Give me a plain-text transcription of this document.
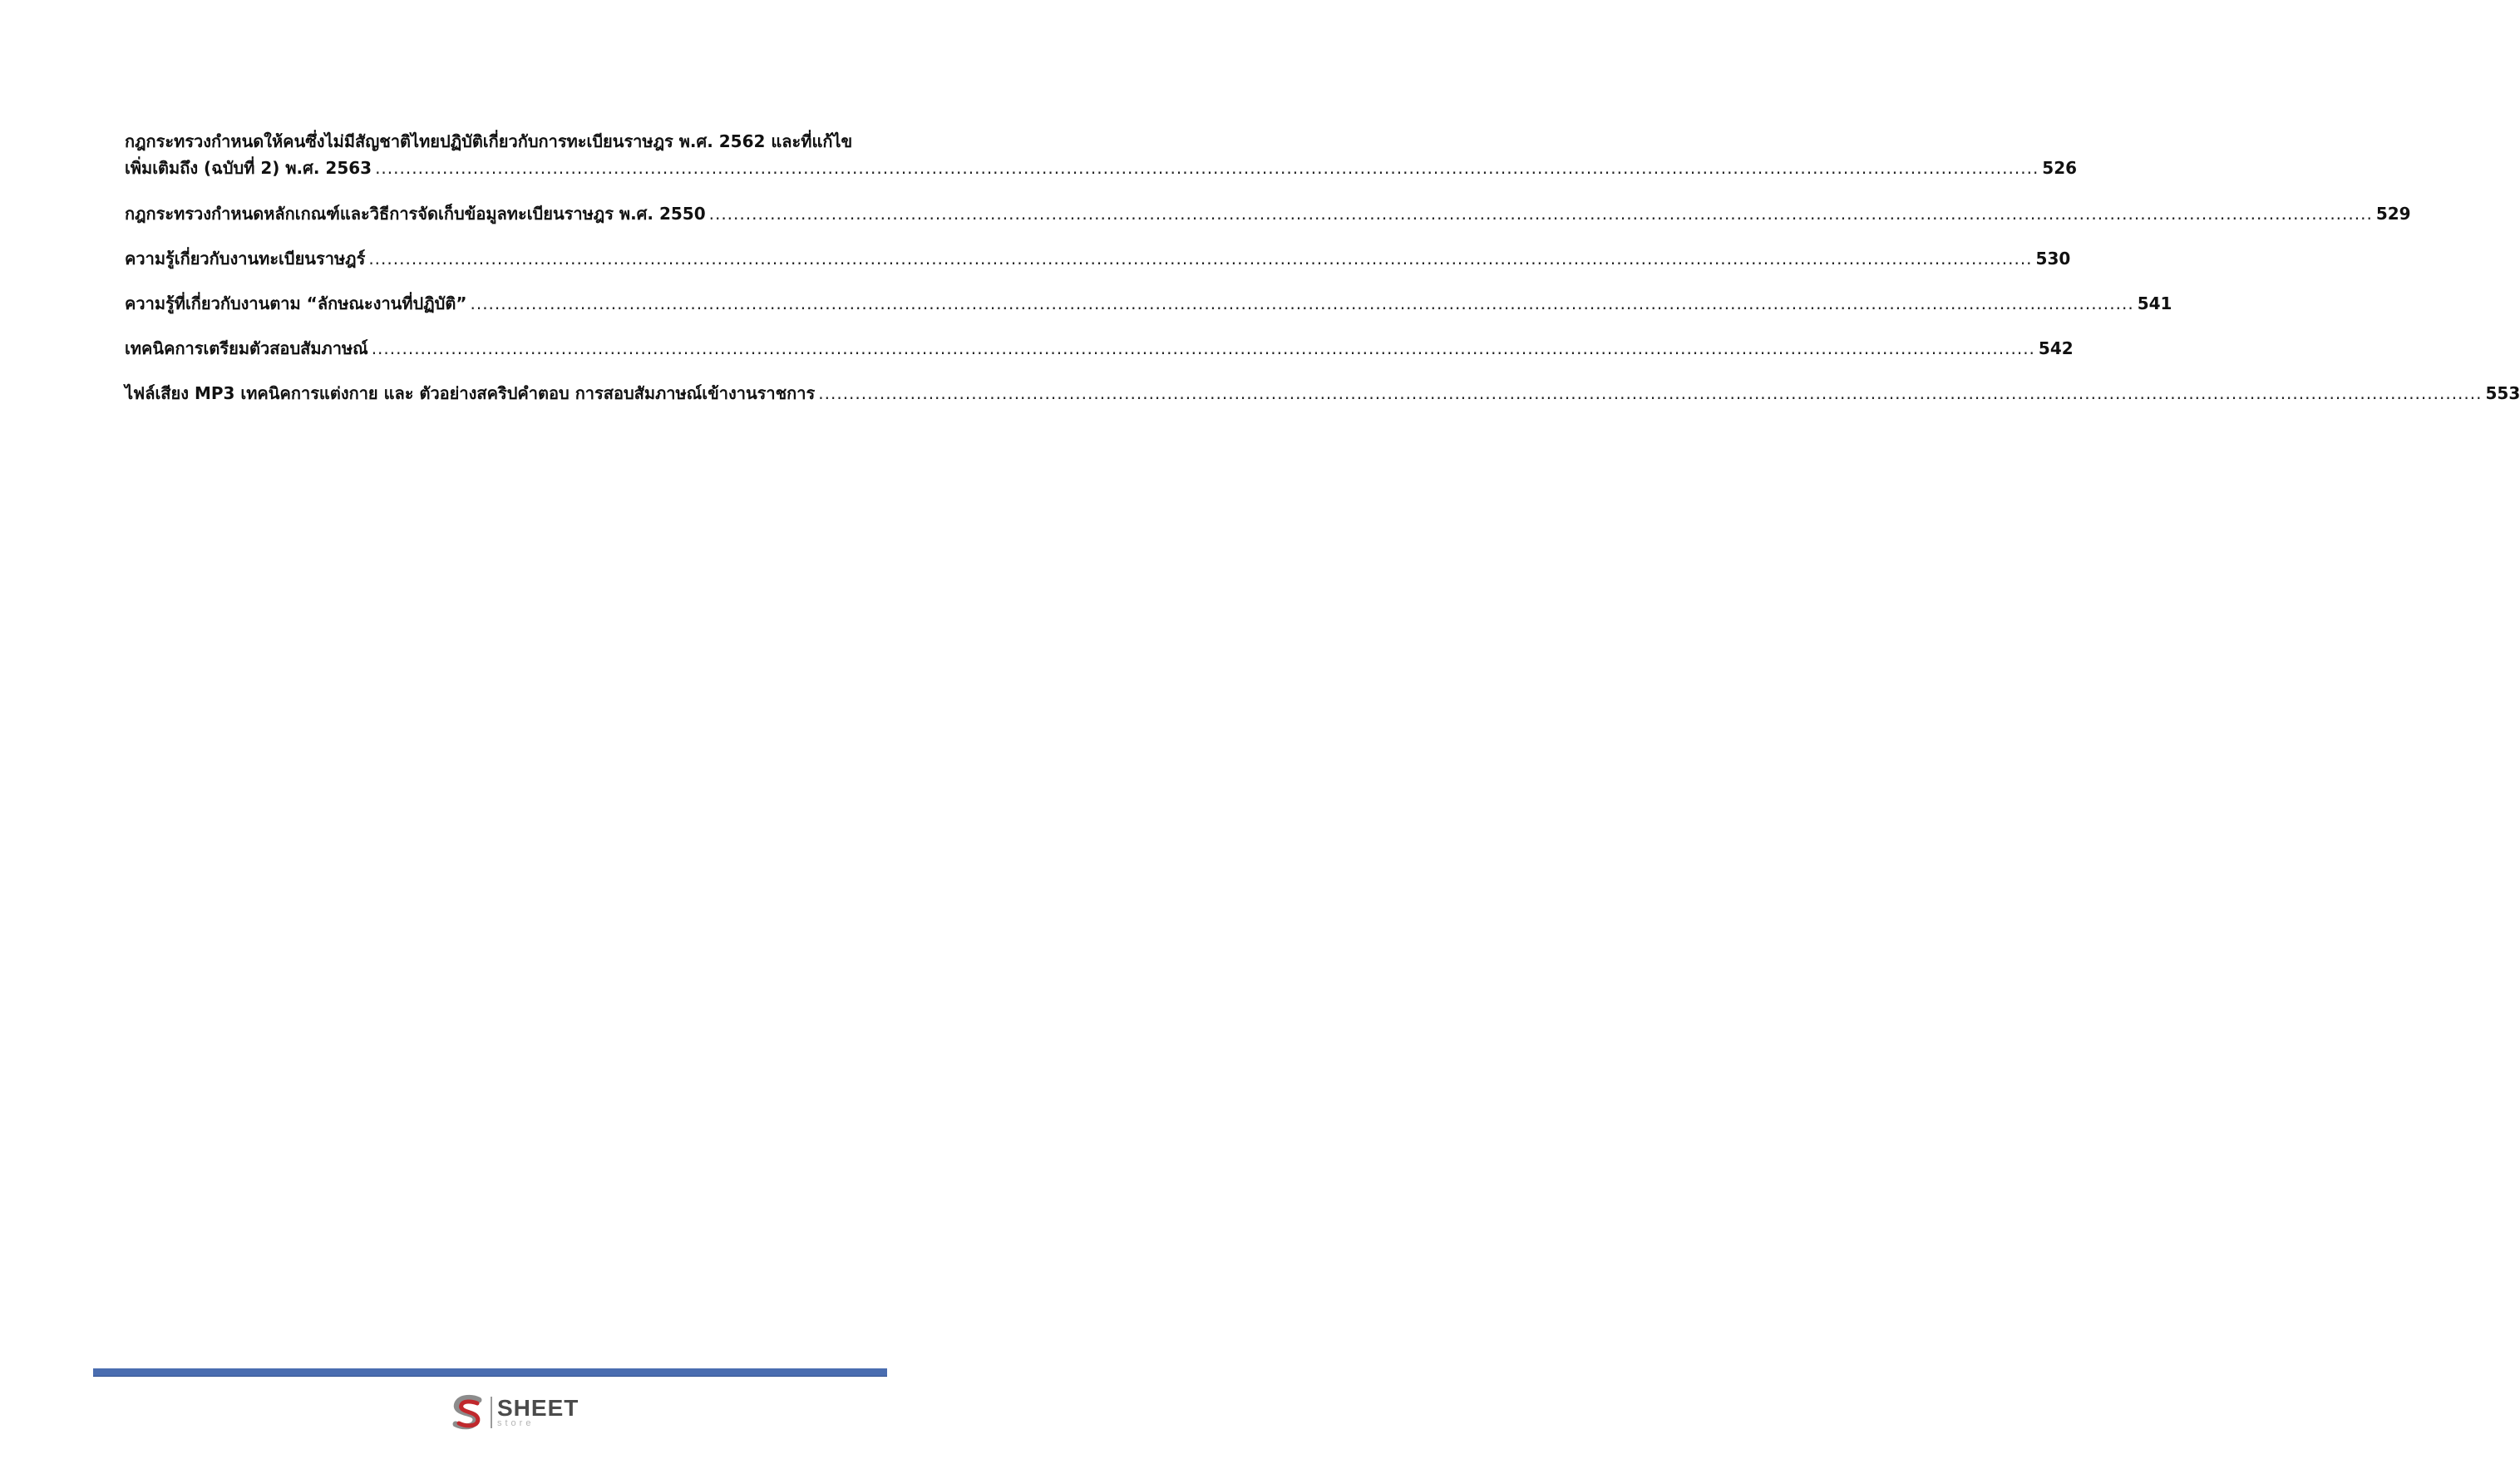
กฎกระทรวงกำหนดให้คนซึ่งไม่มีสัญชาติไทยปฏิบัติเกี่ยวกับการทะเบียนราษฎร พ.ศ. 2562 และที่แก้ไข
เพิ่มเติมถึง (ฉบับที่ 2) พ.ศ. 2563 .....	526
กฎกระทรวงกำหนดหลักเกณฑ์และวิธีการจัดเก็บข้อมูลทะเบียนราษฎร พ.ศ. 2550 .....	529
ความรู้เกี่ยวกับงานทะเบียนราษฎร์ .....	530
ความรู้ที่เกี่ยวกับงานตาม “ลักษณะงานที่ปฏิบัติ” .....	541
เทคนิคการเตรียมตัวสอบสัมภาษณ์ .....	542
ไฟล์เสียง MP3 เทคนิคการแต่งกาย และ ตัวอย่างสคริปคำตอบ การสอบสัมภาษณ์เข้างานราชการ .....	553
SHEET
store
